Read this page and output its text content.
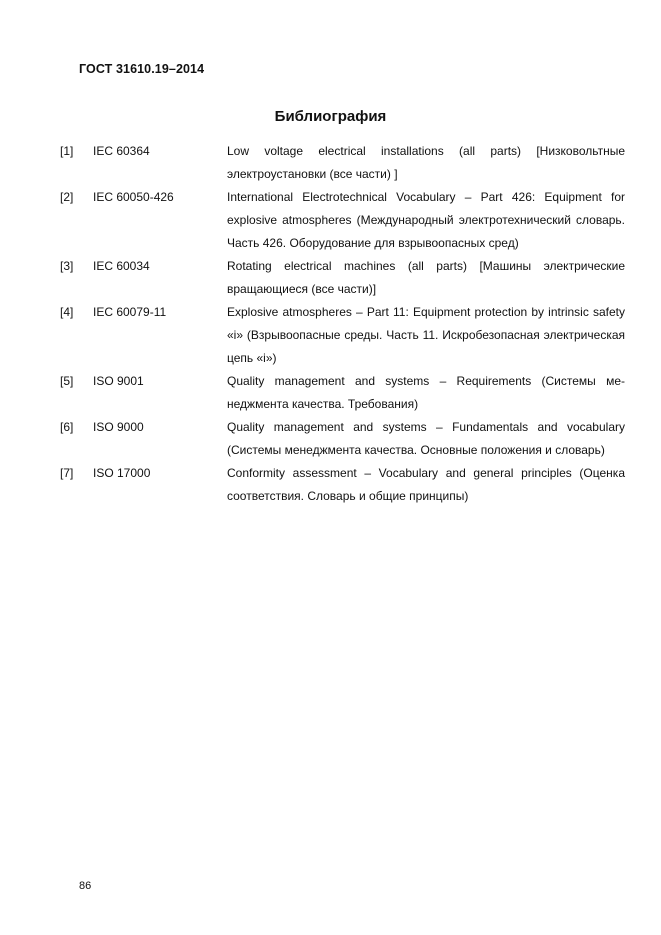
ГОСТ 31610.19–2014
Библиография
[1] IEC 60364	Low voltage electrical installations (all parts) [Низковольтные электроустановки (все части) ]
[2] IEC 60050-426	International Electrotechnical Vocabulary – Part 426: Equipment for explosive atmospheres (Международный электротехнический словарь. Часть 426. Оборудование для взрывоопасных сред)
[3] IEC 60034	Rotating electrical machines (all parts) [Машины электрические вращающиеся (все части)]
[4] IEC 60079-11	Explosive atmospheres – Part 11: Equipment protection by intrinsic safety «i» (Взрывоопасные среды. Часть 11. Искробезопасная электрическая цепь «i»)
[5] ISO 9001	Quality management and systems – Requirements (Системы менеджмента качества. Требования)
[6] ISO 9000	Quality management and systems – Fundamentals and vocabulary (Системы менеджмента качества. Основные положения и словарь)
[7] ISO 17000	Conformity assessment – Vocabulary and general principles (Оценка соответствия. Словарь и общие принципы)
86
